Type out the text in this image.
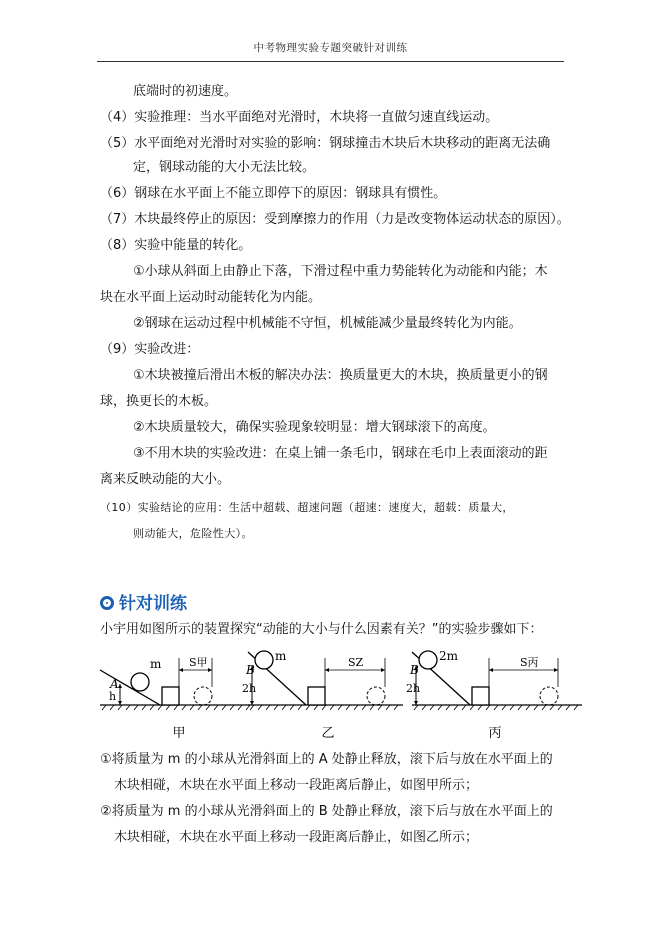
中考物理实验专题突破针对训练
底端时的初速度。
（4）实验推理：当水平面绝对光滑时，木块将一直做匀速直线运动。
（5）水平面绝对光滑时对实验的影响：钢球撞击木块后木块移动的距离无法确
定，钢球动能的大小无法比较。
（6）钢球在水平面上不能立即停下的原因：钢球具有惯性。
（7）木块最终停止的原因：受到摩擦力的作用（力是改变物体运动状态的原因）。
（8）实验中能量的转化。
①小球从斜面上由静止下落，下滑过程中重力势能转化为动能和内能；木
块在水平面上运动时动能转化为内能。
②钢球在运动过程中机械能不守恒，机械能减少量最终转化为内能。
（9）实验改进：
①木块被撞后滑出木板的解决办法：换质量更大的木块，换质量更小的钢
球，换更长的木板。
②木块质量较大，确保实验现象较明显：增大钢球滚下的高度。
③不用木块的实验改进：在桌上铺一条毛巾，钢球在毛巾上表面滚动的距
离来反映动能的大小。
（10）实验结论的应用：生活中超载、超速问题（超速：速度大，超载：质量大，
则动能大，危险性大）。
针对训练
小宇用如图所示的装置探究“动能的大小与什么因素有关？”的实验步骤如下：
m
A
h
S甲
甲
m
B
2h
SZ
乙
2m
B
2h
S丙
丙
①将质量为 m 的小球从光滑斜面上的 A 处静止释放，滚下后与放在水平面上的
木块相碰，木块在水平面上移动一段距离后静止，如图甲所示；
②将质量为 m 的小球从光滑斜面上的 B 处静止释放，滚下后与放在水平面上的
木块相碰，木块在水平面上移动一段距离后静止，如图乙所示；
